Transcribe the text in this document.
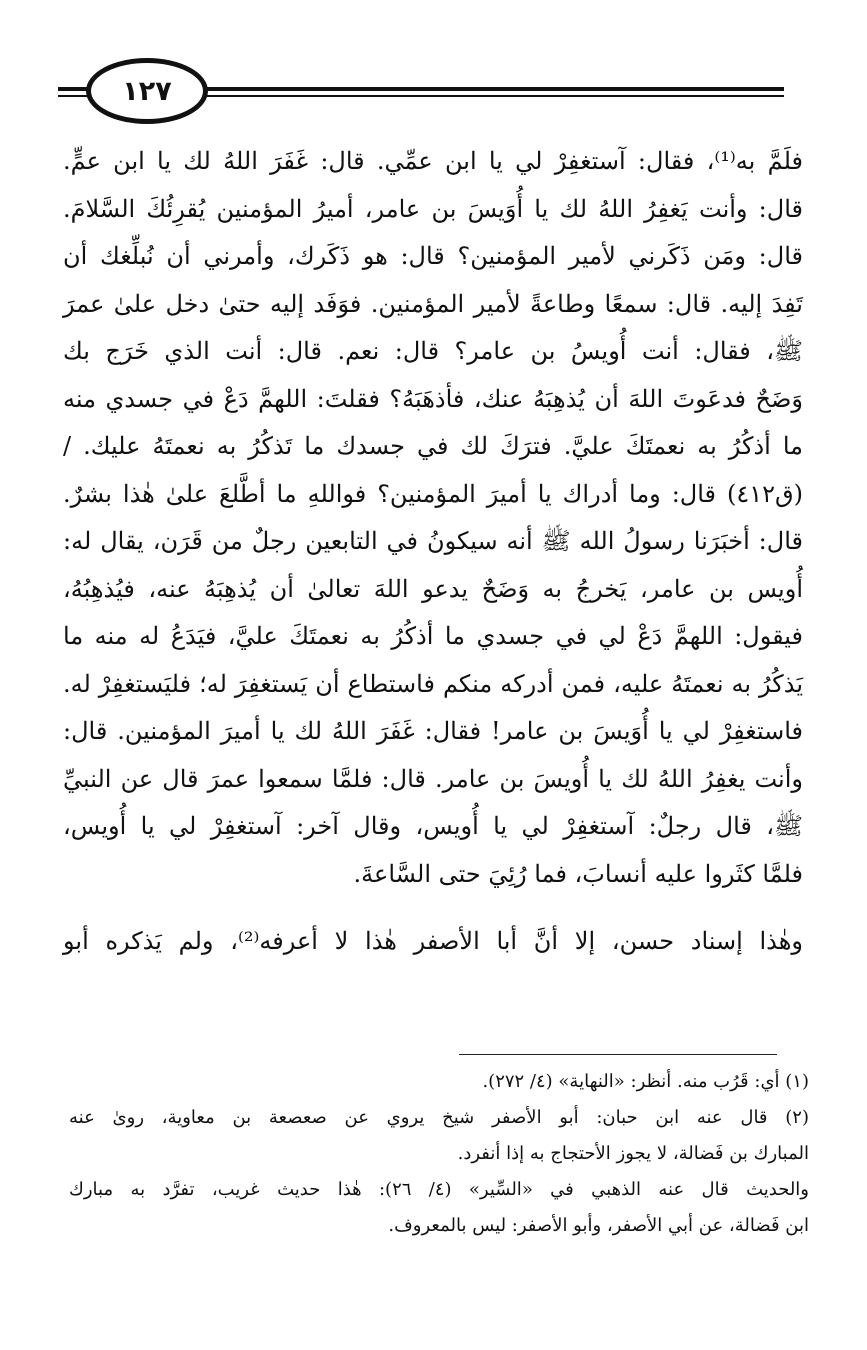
١٢٧
فلَمَّ به⁽¹⁾، فقال: آستغفِرْ لي يا ابن عمِّي. قال: غَفَرَ اللهُ لك يا ابن عمٍّ.
قال: وأنت يَغفِرُ اللهُ لك يا أُوَيسَ بن عامر، أميرُ المؤمنين يُقرِئُكَ السَّلامَ.
قال: ومَن ذَكَرني لأمير المؤمنين؟ قال: هو ذَكَرك، وأمرني أن نُبلِّغك أن
تَفِدَ إليه. قال: سمعًا وطاعةً لأمير المؤمنين. فوَفَد إليه حتىٰ دخل علىٰ عمرَ
ﷺ، فقال: أنت أُويسُ بن عامر؟ قال: نعم. قال: أنت الذي خَرَج بك
وَضَحٌ فدعَوتَ اللهَ أن يُذهِبَهُ عنك، فأذهَبَهُ؟ فقلتَ: اللهمَّ دَعْ في جسدي منه
ما أذكُرُ به نعمتَكَ عليَّ. فترَكَ لك في جسدك ما تَذكُرُ به نعمتَهُ عليك. /
(ق٤١٢) قال: وما أدراك يا أميرَ المؤمنين؟ فواللهِ ما أطَّلعَ علىٰ هٰذا بشرٌ.
قال: أخبَرَنا رسولُ الله ﷺ أنه سيكونُ في التابعين رجلٌ من قَرَن، يقال له:
أُويس بن عامر، يَخرجُ به وَضَحٌ يدعو اللهَ تعالىٰ أن يُذهِبَهُ عنه، فيُذهِبُهُ،
فيقول: اللهمَّ دَعْ لي في جسدي ما أذكُرُ به نعمتَكَ عليَّ، فيَدَعُ له منه ما
يَذكُرُ به نعمتَهُ عليه، فمن أدركه منكم فاستطاع أن يَستغفِرَ له؛ فليَستغفِرْ له.
فاستغفِرْ لي يا أُوَيسَ بن عامر! فقال: غَفَرَ اللهُ لك يا أميرَ المؤمنين. قال:
وأنت يغفِرُ اللهُ لك يا أُويسَ بن عامر. قال: فلمَّا سمعوا عمرَ قال عن النبيِّ
ﷺ، قال رجلٌ: آستغفِرْ لي يا أُويس، وقال آخر: آستغفِرْ لي يا أُويس،
فلمَّا كثَروا عليه أنسابَ، فما رُئِيَ حتى السَّاعةَ.
وهٰذا إسناد حسن، إلا أنَّ أبا الأصفر هٰذا لا أعرفه⁽²⁾، ولم يَذكره أبو
(١) أي: قَرُب منه. أنظر: «النهاية» (٤/ ٢٧٢).
(٢) قال عنه ابن حبان: أبو الأصفر شيخ يروي عن صعصعة بن معاوية، روىٰ عنه
المبارك بن فَضالة، لا يجوز الأحتجاج به إذا أنفرد.
والحديث قال عنه الذهبي في «السِّير» (٤/ ٢٦): هٰذا حديث غريب، تفرَّد به مبارك
ابن فَضالة، عن أبي الأصفر، وأبو الأصفر: ليس بالمعروف.
